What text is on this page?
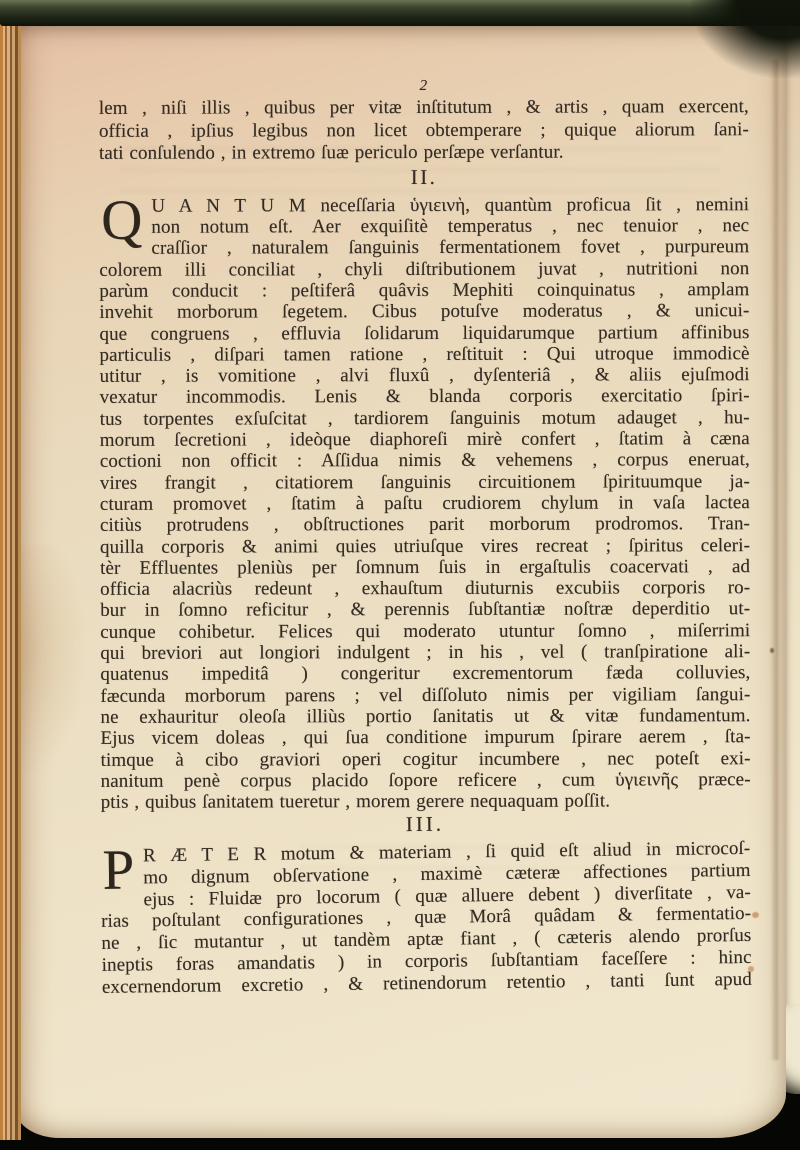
2
lem , niſi illis , quibus per vitæ inſtitutum , & artis , quam exercent,
officia , ipſius legibus non licet obtemperare ; quique aliorum ſani-
tati conſulendo , in extremo ſuæ periculo perſæpe verſantur.
II.
Q U A N T U M neceſſaria ὑγιεινὴ, quantùm proficua ſit , nemini
non notum eſt. Aer exquiſitè temperatus , nec tenuior , nec
craſſior , naturalem ſanguinis fermentationem fovet , purpureum
colorem illi conciliat , chyli diſtributionem juvat , nutritioni non
parùm conducit : peſtiferâ quâvis Mephiti coinquinatus , amplam
invehit morborum ſegetem. Cibus potuſve moderatus , & unicui-
que congruens , effluvia ſolidarum liquidarumque partium affinibus
particulis , diſpari tamen ratione , reſtituit : Qui utroque immodicè
utitur , is vomitione , alvi fluxû , dyſenteriâ , & aliis ejuſmodi
vexatur incommodis. Lenis & blanda corporis exercitatio ſpiri-
tus torpentes exſuſcitat , tardiorem ſanguinis motum adauget , hu-
morum ſecretioni , ideòque diaphoreſi mirè confert , ſtatim à cæna
coctioni non officit : Aſſidua nimis & vehemens , corpus eneruat,
vires frangit , citatiorem ſanguinis circuitionem ſpirituumque ja-
cturam promovet , ſtatim à paſtu crudiorem chylum in vaſa lactea
citiùs protrudens , obſtructiones parit morborum prodromos. Tran-
quilla corporis & animi quies utriuſque vires recreat ; ſpiritus celeri-
tèr Effluentes pleniùs per ſomnum ſuis in ergaſtulis coacervati , ad
officia alacriùs redeunt , exhauſtum diuturnis excubiis corporis ro-
bur in ſomno reficitur , & perennis ſubſtantiæ noſtræ deperditio ut-
cunque cohibetur. Felices qui moderato utuntur ſomno , miſerrimi
qui breviori aut longiori indulgent ; in his , vel ( tranſpiratione ali-
quatenus impeditâ ) congeritur excrementorum fæda colluvies,
fæcunda morborum parens ; vel diſſoluto nimis per vigiliam ſangui-
ne exhauritur oleoſa illiùs portio ſanitatis ut & vitæ fundamentum.
Ejus vicem doleas , qui ſua conditione impurum ſpirare aerem , ſta-
timque à cibo graviori operi cogitur incumbere , nec poteſt exi-
nanitum penè corpus placido ſopore reficere , cum ὑγιεινῆς præce-
ptis , quibus ſanitatem tueretur , morem gerere nequaquam poſſit.
III.
P R Æ T E R motum & materiam , ſi quid eſt aliud in microcoſ-
mo dignum obſervatione , maximè cæteræ affectiones partium
ejus : Fluidæ pro locorum ( quæ alluere debent ) diverſitate , va-
rias poſtulant configurationes , quæ Morâ quâdam & fermentatio-
ne , ſic mutantur , ut tandèm aptæ fiant , ( cæteris alendo prorſus
ineptis foras amandatis ) in corporis ſubſtantiam faceſſere : hinc
excernendorum excretio , & retinendorum retentio , tanti ſunt apud
